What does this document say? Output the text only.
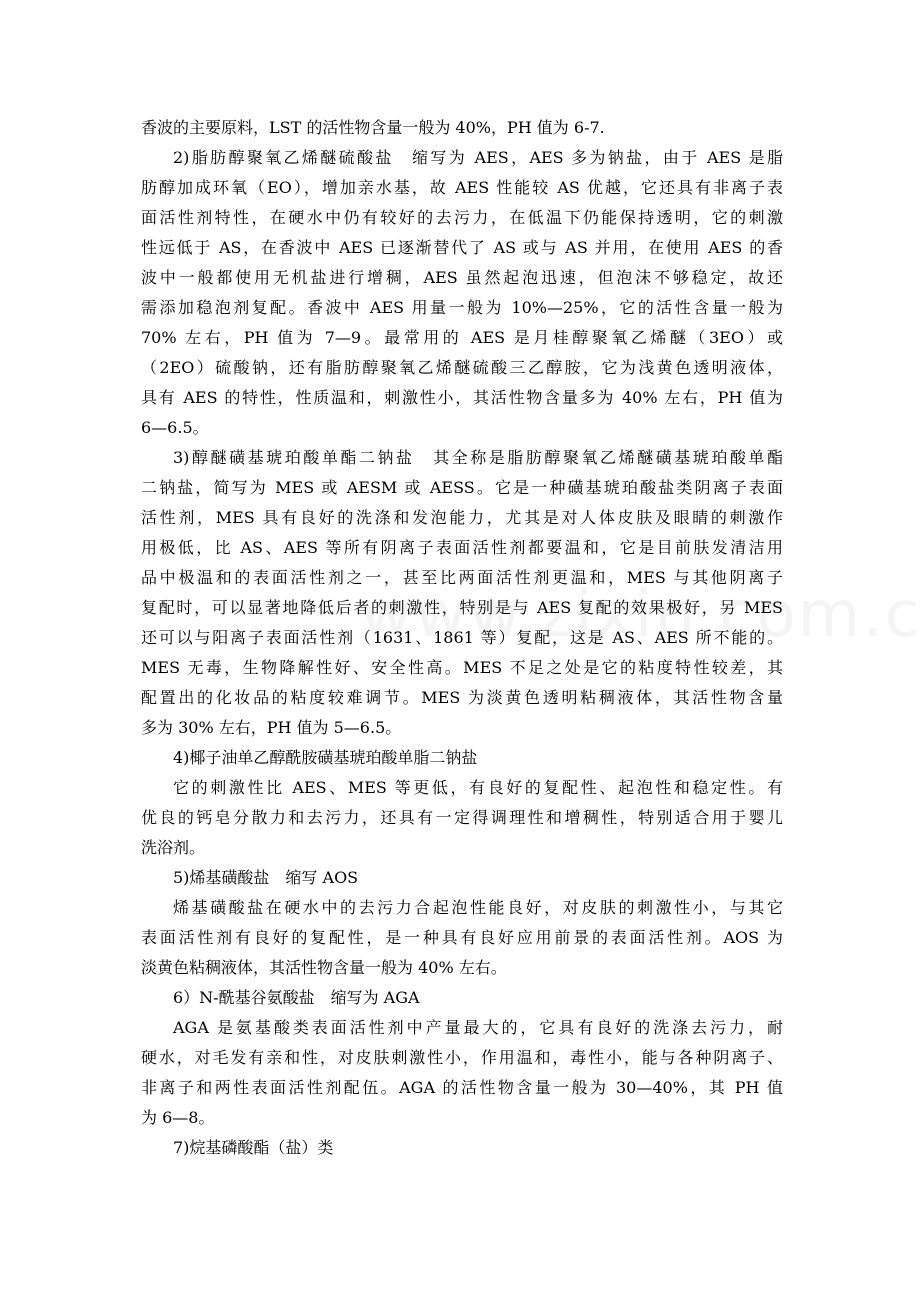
香波的主要原料，LST 的活性物含量一般为 40%，PH 值为 6-7.
2)脂肪醇聚氧乙烯醚硫酸盐　缩写为 AES，AES 多为钠盐，由于 AES 是脂
肪醇加成环氧（EO），增加亲水基，故 AES 性能较 AS 优越，它还具有非离子表
面活性剂特性，在硬水中仍有较好的去污力，在低温下仍能保持透明，它的刺激
性远低于 AS，在香波中 AES 已逐渐替代了 AS 或与 AS 并用，在使用 AES 的香
波中一般都使用无机盐进行增稠，AES 虽然起泡迅速，但泡沫不够稳定，故还
需添加稳泡剂复配。香波中 AES 用量一般为 10%—25%，它的活性含量一般为
70% 左右，PH 值为 7—9。最常用的 AES 是月桂醇聚氧乙烯醚（3EO）或
（2EO）硫酸钠，还有脂肪醇聚氧乙烯醚硫酸三乙醇胺，它为浅黄色透明液体，
具有 AES 的特性，性质温和，刺激性小，其活性物含量多为 40% 左右，PH 值为
6—6.5。
3)醇醚磺基琥珀酸单酯二钠盐　其全称是脂肪醇聚氧乙烯醚磺基琥珀酸单酯
二钠盐，简写为 MES 或 AESM 或 AESS。它是一种磺基琥珀酸盐类阴离子表面
活性剂，MES 具有良好的洗涤和发泡能力，尤其是对人体皮肤及眼睛的刺激作
用极低，比 AS、AES 等所有阴离子表面活性剂都要温和，它是目前肤发清洁用
品中极温和的表面活性剂之一，甚至比两面活性剂更温和，MES 与其他阴离子
复配时，可以显著地降低后者的刺激性，特别是与 AES 复配的效果极好，另 MES
还可以与阳离子表面活性剂（1631、1861 等）复配，这是 AS、AES 所不能的。
MES 无毒，生物降解性好、安全性高。MES 不足之处是它的粘度特性较差，其
配置出的化妆品的粘度较难调节。MES 为淡黄色透明粘稠液体，其活性物含量
多为 30% 左右，PH 值为 5—6.5。
4)椰子油单乙醇酰胺磺基琥珀酸单脂二钠盐
它的刺激性比 AES、MES 等更低，有良好的复配性、起泡性和稳定性。有
优良的钙皂分散力和去污力，还具有一定得调理性和增稠性，特别适合用于婴儿
洗浴剂。
5)烯基磺酸盐　缩写 AOS
烯基磺酸盐在硬水中的去污力合起泡性能良好，对皮肤的刺激性小，与其它
表面活性剂有良好的复配性，是一种具有良好应用前景的表面活性剂。AOS 为
淡黄色粘稠液体，其活性物含量一般为 40% 左右。
6）N-酰基谷氨酸盐　缩写为 AGA
AGA 是氨基酸类表面活性剂中产量最大的，它具有良好的洗涤去污力，耐
硬水，对毛发有亲和性，对皮肤刺激性小，作用温和，毒性小，能与各种阴离子、
非离子和两性表面活性剂配伍。AGA 的活性物含量一般为 30—40%，其 PH 值
为 6—8。
7)烷基磷酸酯（盐）类
